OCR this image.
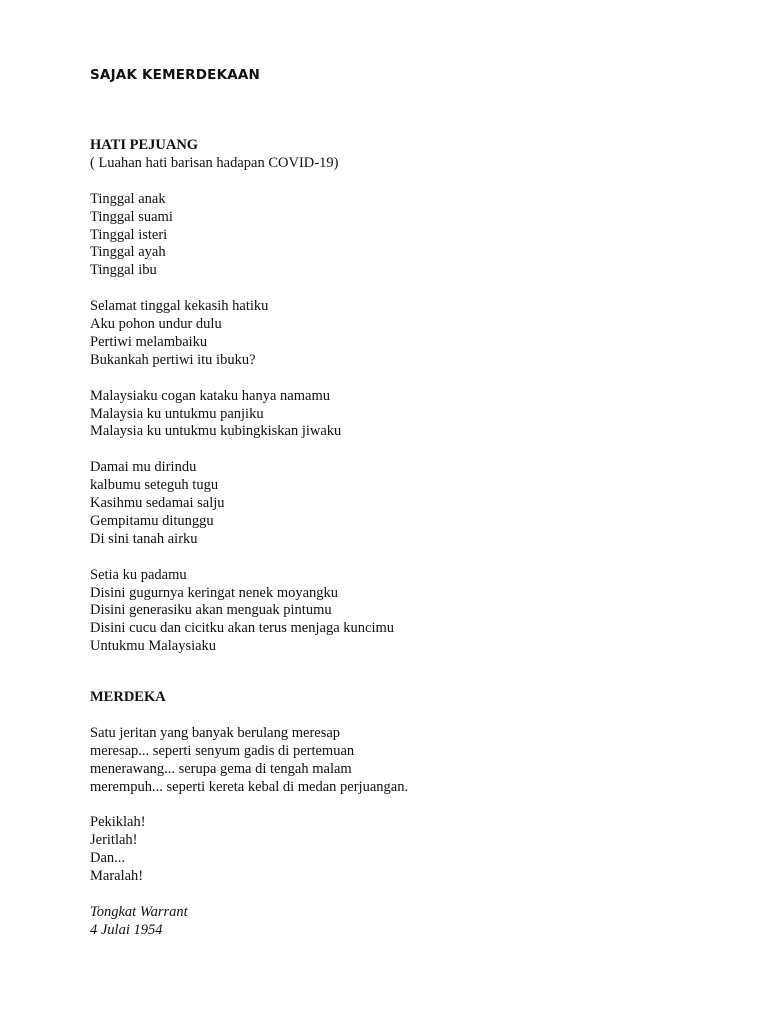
SAJAK KEMERDEKAAN
HATI PEJUANG
( Luahan hati barisan hadapan COVID-19)
Tinggal anak
Tinggal suami
Tinggal isteri
Tinggal ayah
Tinggal ibu
Selamat tinggal kekasih hatiku
Aku pohon undur dulu
Pertiwi melambaiku
Bukankah pertiwi itu ibuku?
Malaysiaku cogan kataku hanya namamu
Malaysia ku untukmu panjiku
Malaysia ku untukmu kubingkiskan jiwaku
Damai mu dirindu
kalbumu seteguh tugu
Kasihmu sedamai salju
Gempitamu ditunggu
Di sini tanah airku
Setia ku padamu
Disini gugurnya keringat nenek moyangku
Disini generasiku akan menguak pintumu
Disini cucu dan cicitku akan terus menjaga kuncimu
Untukmu Malaysiaku
MERDEKA
Satu jeritan yang banyak berulang meresap
meresap... seperti senyum gadis di pertemuan
menerawang... serupa gema di tengah malam
merempuh... seperti kereta kebal di medan perjuangan.
Pekiklah!
Jeritlah!
Dan...
Maralah!
Tongkat Warrant
4 Julai 1954
